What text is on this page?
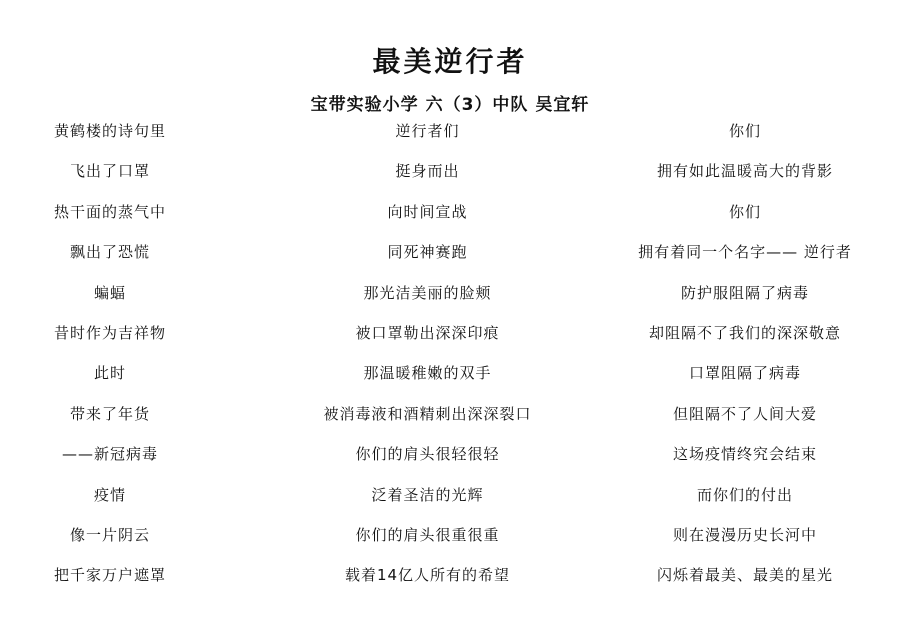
最美逆行者
宝带实验小学 六（3）中队 吴宜轩
黄鹤楼的诗句里
飞出了口罩
热干面的蒸气中
飘出了恐慌
蝙蝠
昔时作为吉祥物
此时
带来了年货
——新冠病毒
疫情
像一片阴云
把千家万户遮罩
逆行者们
挺身而出
向时间宣战
同死神赛跑
那光洁美丽的脸颊
被口罩勒出深深印痕
那温暖稚嫩的双手
被消毒液和酒精刺出深深裂口
你们的肩头很轻很轻
泛着圣洁的光辉
你们的肩头很重很重
载着14亿人所有的希望
你们
拥有如此温暖高大的背影
你们
拥有着同一个名字—— 逆行者
防护服阻隔了病毒
却阻隔不了我们的深深敬意
口罩阻隔了病毒
但阻隔不了人间大爱
这场疫情终究会结束
而你们的付出
则在漫漫历史长河中
闪烁着最美、最美的星光
